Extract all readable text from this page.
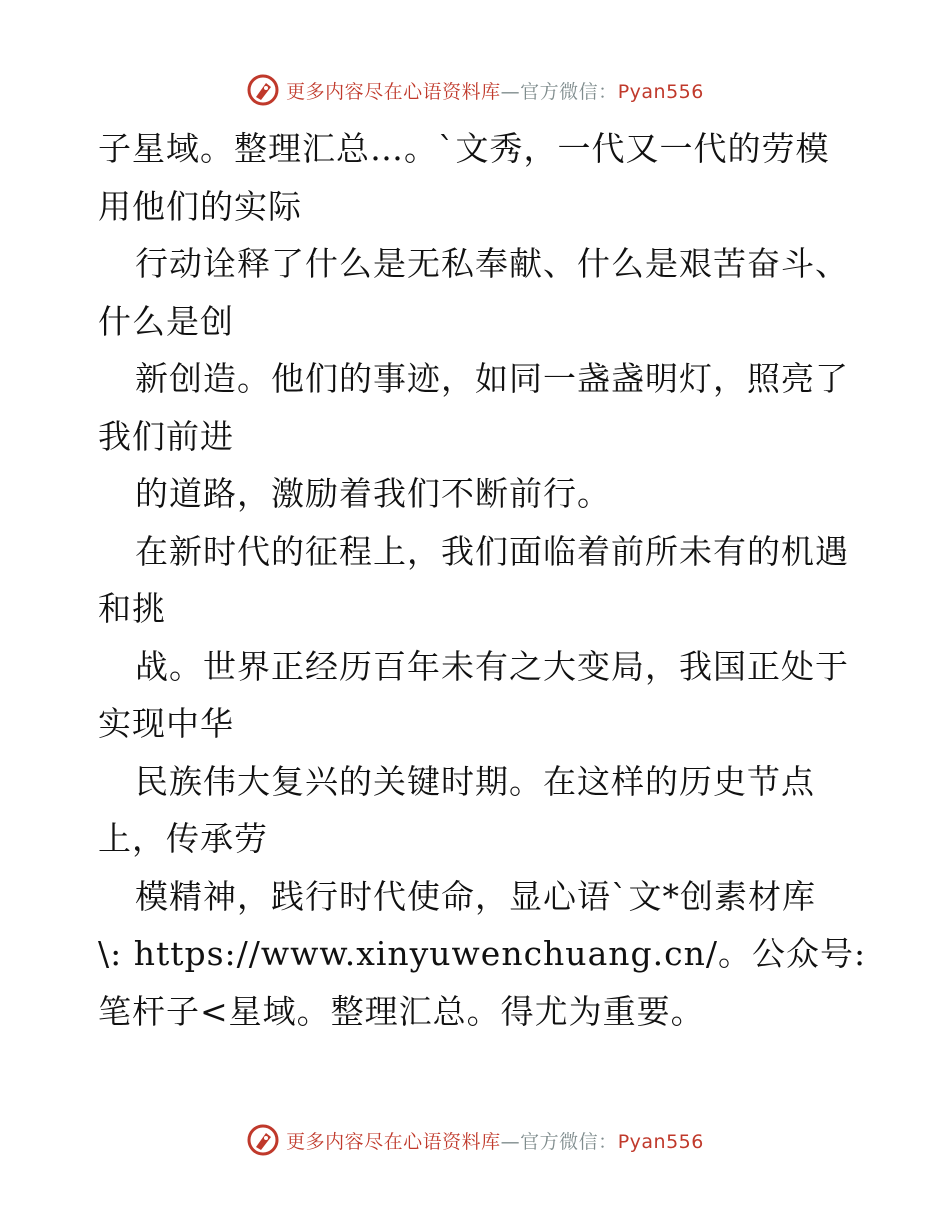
更多内容尽在心语资料库—官方微信：Pyan556
子星域。整理汇总…。`文秀，一代又一代的劳模
用他们的实际
行动诠释了什么是无私奉献、什么是艰苦奋斗、
什么是创
新创造。他们的事迹，如同一盏盏明灯，照亮了
我们前进
的道路，激励着我们不断前行。
在新时代的征程上，我们面临着前所未有的机遇
和挑
战。世界正经历百年未有之大变局，我国正处于
实现中华
民族伟大复兴的关键时期。在这样的历史节点
上，传承劳
模精神，践行时代使命，显心语`文*创素材库
\: https://www.xinyuwenchuang.cn/。公众号:
笔杆子<星域。整理汇总。得尤为重要。
更多内容尽在心语资料库—官方微信：Pyan556
